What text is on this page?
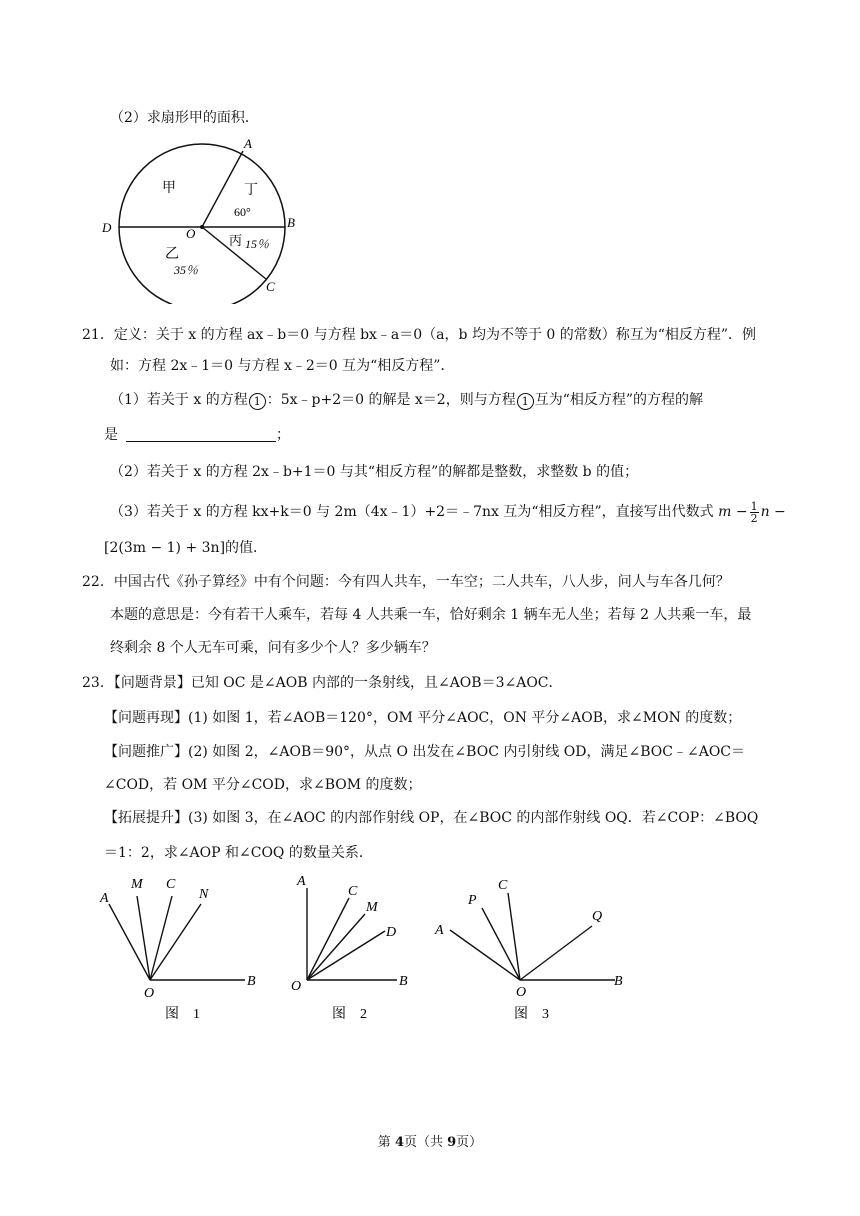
（2）求扇形甲的面积．
A
B
C
D	O
甲	丁
60°
丙 15％
乙
35％
21．定义：关于 x 的方程 ax﹣b＝0 与方程 bx﹣a＝0（a，b 均为不等于 0 的常数）称互为“相反方程”．例
如：方程 2x﹣1＝0 与方程 x﹣2＝0 互为“相反方程”．
（1）若关于 x 的方程 1 ：5x﹣p+2＝0 的解是 x＝2，则与方程 1 互为“相反方程”的方程的解
是	；
（2）若关于 x 的方程 2x﹣b+1＝0 与其“相反方程”的解都是整数，求整数 b 的值；
（3）若关于 x 的方程 kx+k＝0 与 2m（4x﹣1）+2＝﹣7nx 互为“相反方程”，直接写出代数式 $m - \frac{1}{2}$ n −
[2(3m − 1) + 3n]的值．
22．中国古代《孙子算经》中有个问题：今有四人共车，一车空；二人共车，八人步，问人与车各几何？
本题的意思是：今有若干人乘车，若每 4 人共乘一车，恰好剩余 1 辆车无人坐；若每 2 人共乘一车，最
终剩余 8 个人无车可乘，问有多少个人？多少辆车？
23．【问题背景】已知 OC 是∠AOB 内部的一条射线，且∠AOB＝3∠AOC．
【问题再现】(1) 如图 1，若∠AOB＝120°，OM 平分∠AOC，ON 平分∠AOB，求∠MON 的度数；
【问题推广】(2) 如图 2，∠AOB＝90°，从点 O 出发在∠BOC 内引射线 OD，满足∠BOC﹣∠AOC＝
∠COD，若 OM 平分∠COD，求∠BOM 的度数；
【拓展提升】(3) 如图 3，在∠AOC 的内部作射线 OP，在∠BOC 的内部作射线 OQ．若∠COP：∠BOQ
＝1：2，求∠AOP 和∠COQ 的数量关系．
A
M C
N
O
B
图　1
A
C
M
D
O	B
图　2
P
C
A
Q
O
B
图　3
第 4页（共 9页）
